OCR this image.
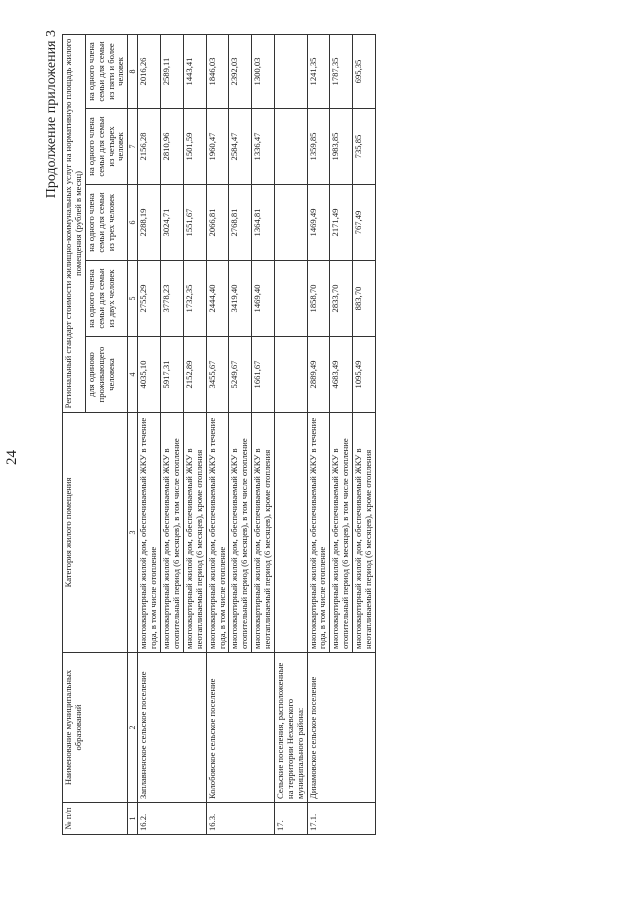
24
Продолжение приложения 3
№ п/п	Наименование муниципальных образований	Категория жилого помещения	Региональный стандарт стоимости жилищно-коммунальных услуг на нормативную площадь жилого помещения (рублей в месяц)				
			для одиноко проживающего человека	на одного члена семьи для семьи из двух человек	на одного члена семьи для семьи из трех человек	на одного члена семьи для семьи из четырех человек	на одного члена семьи для семьи из пяти и более человек
1	2	3	4	5	6	7	8
16.2.	Заплавненское сельское поселение	многоквартирный жилой дом, обеспечиваемый ЖКУ в течение года, в том числе отопление	4035,10	2755,29	2288,19	2156,28	2016,26
		многоквартирный жилой дом, обеспечиваемый ЖКУ в отопительный период (6 месяцев), в том числе отопление	5917,31	3778,23	3024,71	2810,96	2589,11
		многоквартирный жилой дом, обеспечиваемый ЖКУ в неотапливаемый период (6 месяцев), кроме отопления	2152,89	1732,35	1551,67	1501,59	1443,41
16.3.	Колобовское сельское поселение	многоквартирный жилой дом, обеспечиваемый ЖКУ в течение года, в том числе отопление	3455,67	2444,40	2066,81	1960,47	1846,03
		многоквартирный жилой дом, обеспечиваемый ЖКУ в отопительный период (6 месяцев), в том числе отопление	5249,67	3419,40	2768,81	2584,47	2392,03
		многоквартирный жилой дом, обеспечиваемый ЖКУ в неотапливаемый период (6 месяцев), кроме отопления	1661,67	1469,40	1364,81	1336,47	1300,03
17.	Сельские поселения, расположенные на территории Нехаевского муниципального района:						
17.1.	Динамовское сельское поселение	многоквартирный жилой дом, обеспечиваемый ЖКУ в течение года, в том числе отопление	2889,49	1858,70	1469,49	1359,85	1241,35
		многоквартирный жилой дом, обеспечиваемый ЖКУ в отопительный период (6 месяцев), в том числе отопление	4683,49	2833,70	2171,49	1983,85	1787,35
		многоквартирный жилой дом, обеспечиваемый ЖКУ в неотапливаемый период (6 месяцев), кроме отопления	1095,49	883,70	767,49	735,85	695,35
